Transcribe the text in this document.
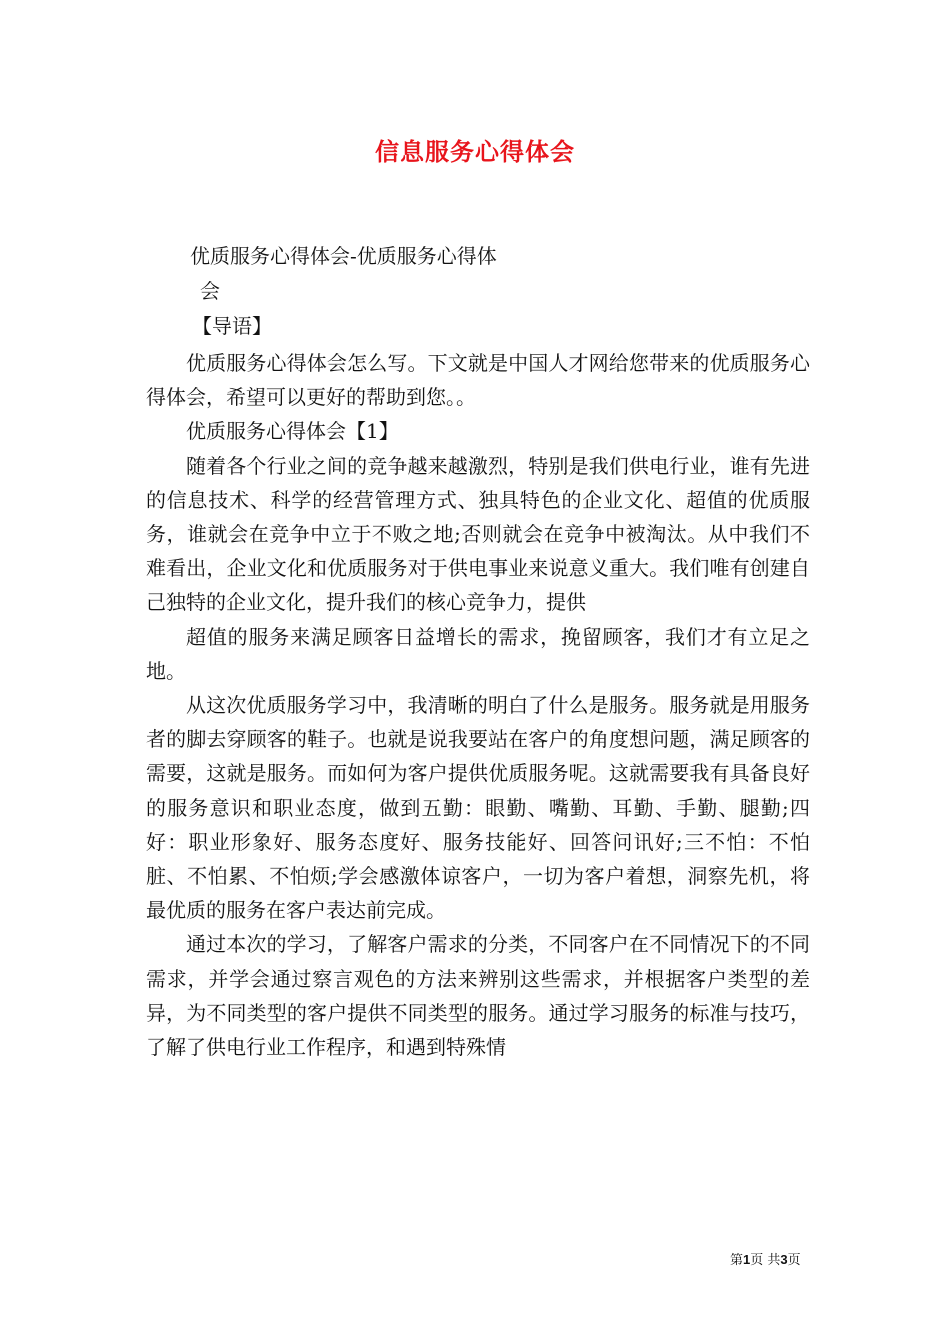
信息服务心得体会
优质服务心得体会-优质服务心得体
会
【导语】

优质服务心得体会怎么写。下文就是中国人才网给您带来的优质服务心得体会，希望可以更好的帮助到您。。

优质服务心得体会【1】

随着各个行业之间的竞争越来越激烈，特别是我们供电行业，谁有先进的信息技术、科学的经营管理方式、独具特色的企业文化、超值的优质服务，谁就会在竞争中立于不败之地;否则就会在竞争中被淘汰。从中我们不难看出，企业文化和优质服务对于供电事业来说意义重大。我们唯有创建自己独特的企业文化，提升我们的核心竞争力，提供

超值的服务来满足顾客日益增长的需求，挽留顾客，我们才有立足之地。

从这次优质服务学习中，我清晰的明白了什么是服务。服务就是用服务者的脚去穿顾客的鞋子。也就是说我要站在客户的角度想问题，满足顾客的需要，这就是服务。而如何为客户提供优质服务呢。这就需要我有具备良好的服务意识和职业态度，做到五勤：眼勤、嘴勤、耳勤、手勤、腿勤;四好：职业形象好、服务态度好、服务技能好、回答问讯好;三不怕：不怕脏、不怕累、不怕烦;学会感激体谅客户，一切为客户着想，洞察先机，将最优质的服务在客户表达前完成。

通过本次的学习，了解客户需求的分类，不同客户在不同情况下的不同需求，并学会通过察言观色的方法来辨别这些需求，并根据客户类型的差异，为不同类型的客户提供不同类型的服务。通过学习服务的标准与技巧，了解了供电行业工作程序，和遇到特殊情

第1页 共3页
